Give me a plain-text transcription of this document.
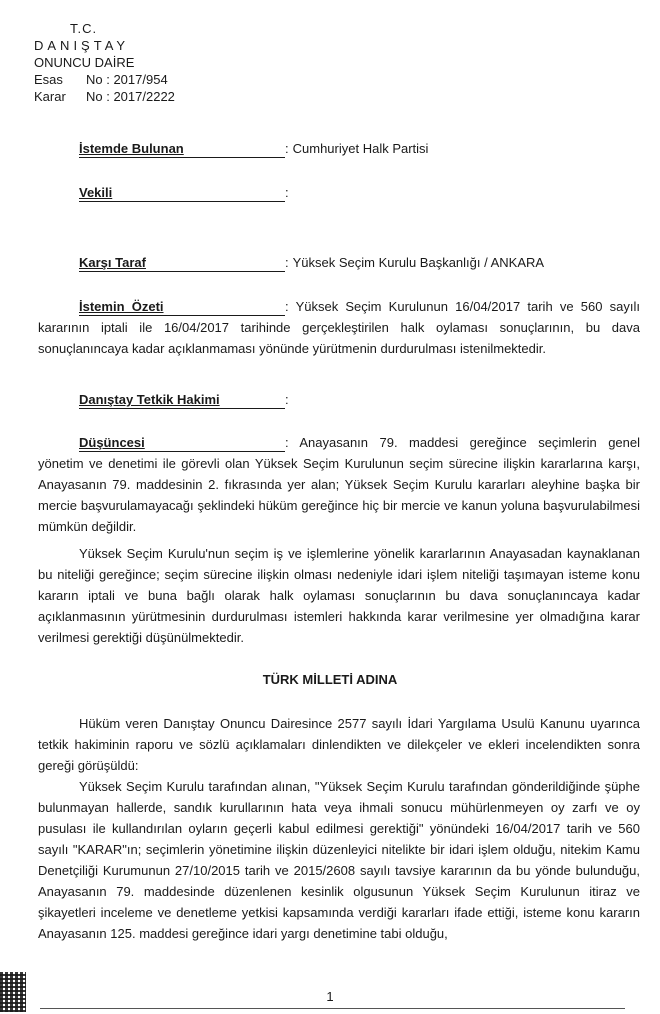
T.C.
DANIŞTAY
ONUNCU DAİRE
Esas No : 2017/954
Karar No : 2017/2222
İstemde Bulunan	: Cumhuriyet Halk Partisi
Vekili	:
Karşı Taraf	: Yüksek Seçim Kurulu Başkanlığı / ANKARA
İstemin_Özeti	: Yüksek Seçim Kurulunun 16/04/2017 tarih ve 560 sayılı kararının iptali ile 16/04/2017 tarihinde gerçekleştirilen halk oylaması sonuçlarının, bu dava sonuçlanıncaya kadar açıklanmaması yönünde yürütmenin durdurulması istenilmektedir.
Danıştay Tetkik Hakimi	:
Düşüncesi	: Anayasanın 79. maddesi gereğince seçimlerin genel yönetim ve denetimi ile görevli olan Yüksek Seçim Kurulunun seçim sürecine ilişkin kararlarına karşı, Anayasanın 79. maddesinin 2. fıkrasında yer alan; Yüksek Seçim Kurulu kararları aleyhine başka bir mercie başvurulamayacağı şeklindeki hüküm gereğince hiç bir mercie ve kanun yoluna başvurulabilmesi mümkün değildir.
Yüksek Seçim Kurulu'nun seçim iş ve işlemlerine yönelik kararlarının Anayasadan kaynaklanan bu niteliği gereğince; seçim sürecine ilişkin olması nedeniyle idari işlem niteliği taşımayan isteme konu kararın iptali ve buna bağlı olarak halk oylaması sonuçlarının bu dava sonuçlanıncaya kadar açıklanmasının yürütmesinin durdurulması istemleri hakkında karar verilmesine yer olmadığına karar verilmesi gerektiği düşünülmektedir.
TÜRK MİLLETİ ADINA
Hüküm veren Danıştay Onuncu Dairesince 2577 sayılı İdari Yargılama Usulü Kanunu uyarınca tetkik hakiminin raporu ve sözlü açıklamaları dinlendikten ve dilekçeler ve ekleri incelendikten sonra gereği görüşüldü:
Yüksek Seçim Kurulu tarafından alınan, "Yüksek Seçim Kurulu tarafından gönderildiğinde şüphe bulunmayan hallerde, sandık kurullarının hata veya ihmali sonucu mühürlenmeyen oy zarfı ve oy pusulası ile kullandırılan oyların geçerli kabul edilmesi gerektiği" yönündeki 16/04/2017 tarih ve 560 sayılı "KARAR"ın; seçimlerin yönetimine ilişkin düzenleyici nitelikte bir idari işlem olduğu, nitekim Kamu Denetçiliği Kurumunun 27/10/2015 tarih ve 2015/2608 sayılı tavsiye kararının da bu yönde bulunduğu, Anayasanın 79. maddesinde düzenlenen kesinlik olgusunun Yüksek Seçim Kurulunun itiraz ve şikayetleri inceleme ve denetleme yetkisi kapsamında verdiği kararları ifade ettiği, isteme konu kararın Anayasanın 125. maddesi gereğince idari yargı denetimine tabi olduğu,
1
